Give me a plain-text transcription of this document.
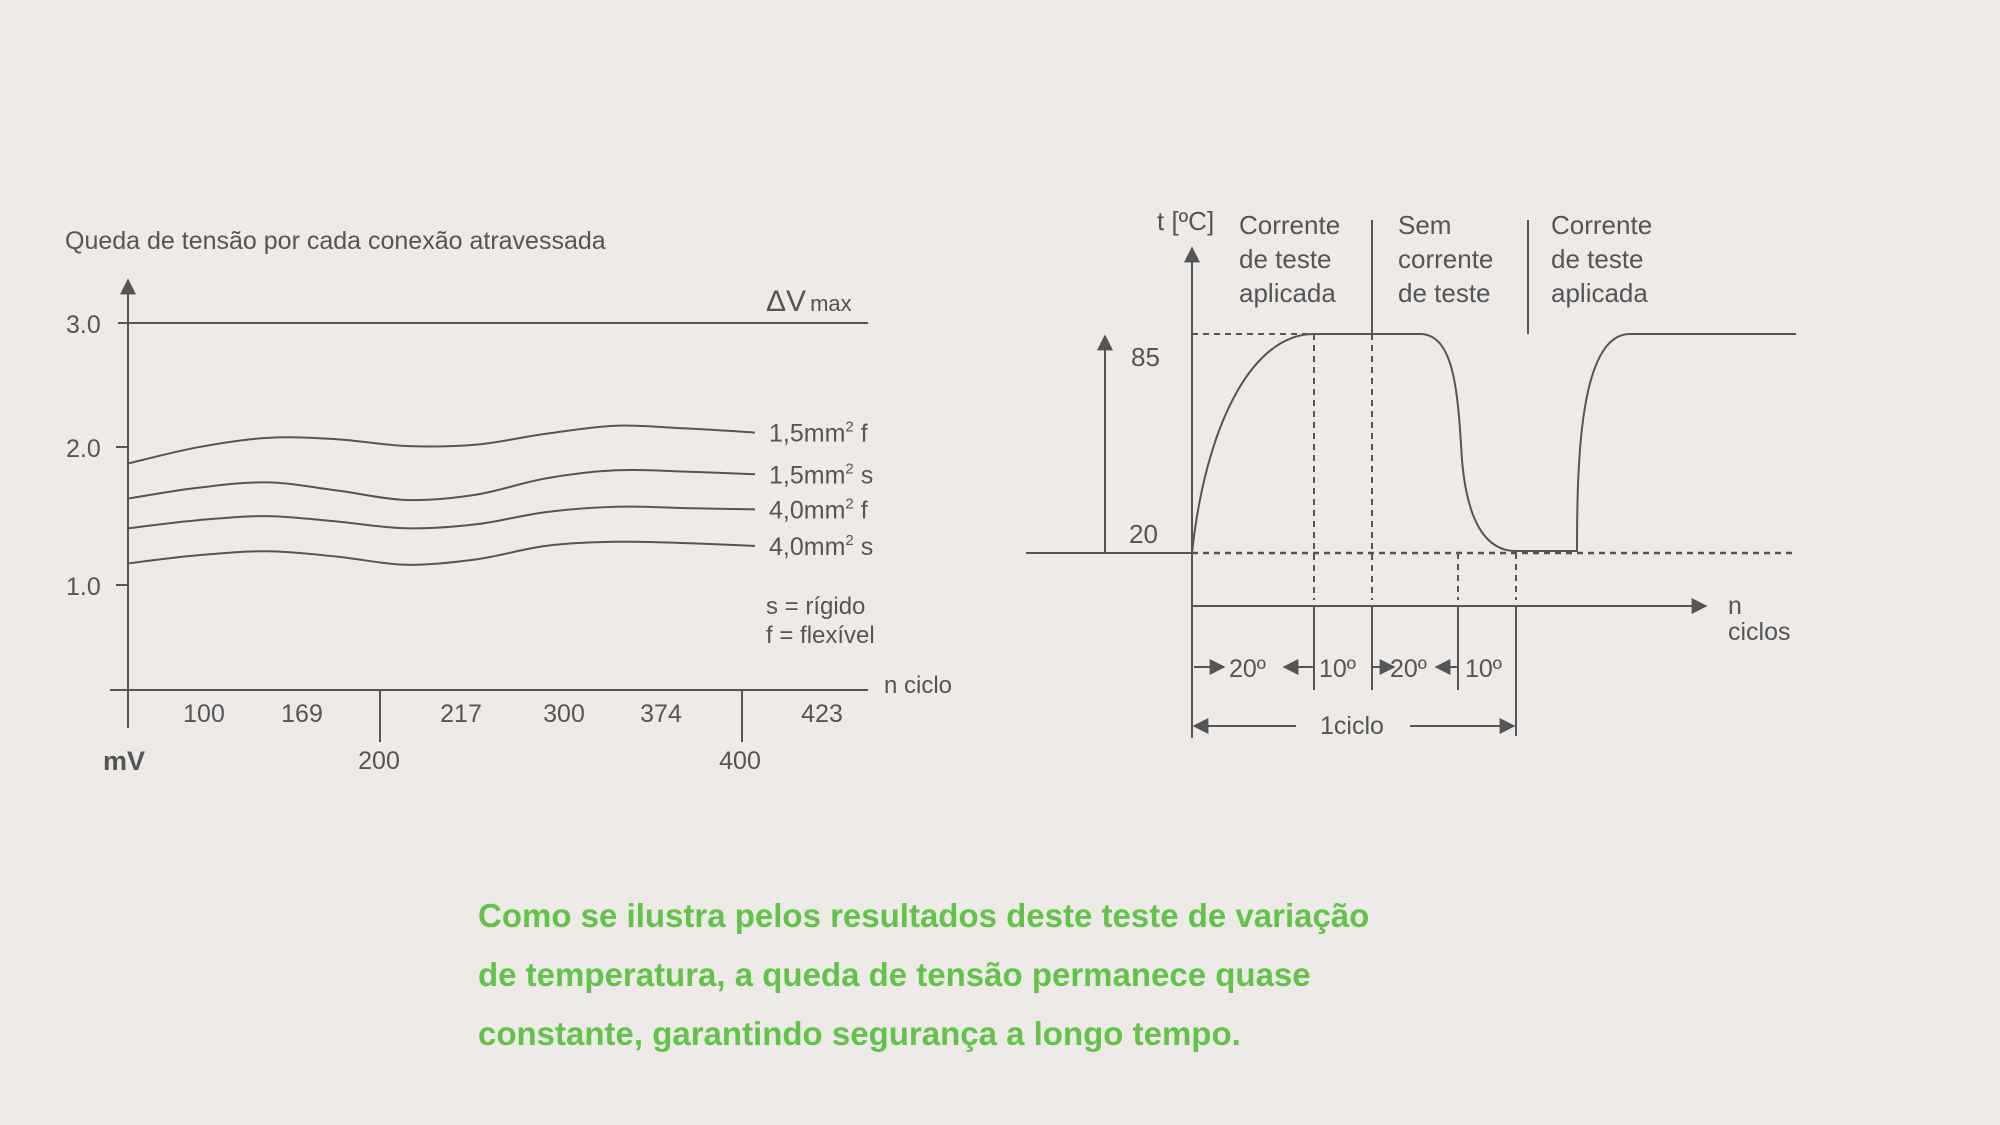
Queda de tensão por cada conexão atravessada
ΔV max
3.0
2.0
1.0
100 169	217 300 374	423
200	400
mV
n ciclo
$1,5mm^2$ f
$1,5mm^2$ s
$4,0mm^2$ f
$4,0mm^2$ s
s = rígido
f = flexível
t [ºC] Corrente de teste aplicada
Sem corrente de teste
Corrente de teste aplicada
n
ciclos
85
20
20º 10º 20º 10º
1ciclo

Como se ilustra pelos resultados deste teste de variação
de temperatura, a queda de tensão permanece quase
constante, garantindo segurança a longo tempo.
